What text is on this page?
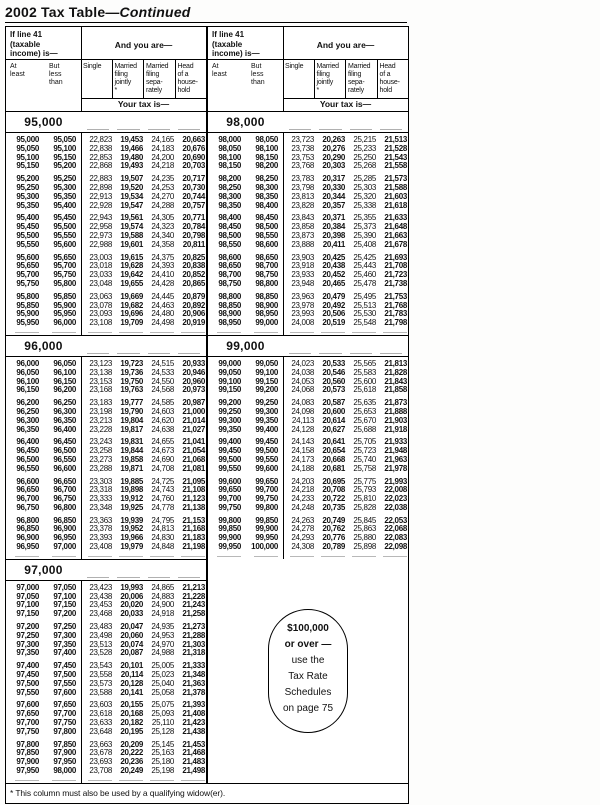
2002 Tax Table—Continued
If line 41
(taxable
income) is—
And you are—
At
least
But
less
than
Single	Married
filing
jointly
*
Married
filing
sepa-
rately
Head
of a
house-
hold
Your tax is—
95,000
95,000	95,050	22,823	19,453	24,165	20,663
95,050	95,100	22,838	19,466	24,183	20,676
95,100	95,150	22,853	19,480	24,200	20,690
95,150	95,200	22,868	19,493	24,218	20,703
95,200	95,250	22,883	19,507	24,235	20,717
95,250	95,300	22,898	19,520	24,253	20,730
95,300	95,350	22,913	19,534	24,270	20,744
95,350	95,400	22,928	19,547	24,288	20,757
95,400	95,450	22,943	19,561	24,305	20,771
95,450	95,500	22,958	19,574	24,323	20,784
95,500	95,550	22,973	19,588	24,340	20,798
95,550	95,600	22,988	19,601	24,358	20,811
95,600	95,650	23,003	19,615	24,375	20,825
95,650	95,700	23,018	19,628	24,393	20,838
95,700	95,750	23,033	19,642	24,410	20,852
95,750	95,800	23,048	19,655	24,428	20,865
95,800	95,850	23,063	19,669	24,445	20,879
95,850	95,900	23,078	19,682	24,463	20,892
95,900	95,950	23,093	19,696	24,480	20,906
95,950	96,000	23,108	19,709	24,498	20,919
96,000
96,000	96,050	23,123	19,723	24,515	20,933
96,050	96,100	23,138	19,736	24,533	20,946
96,100	96,150	23,153	19,750	24,550	20,960
96,150	96,200	23,168	19,763	24,568	20,973
96,200	96,250	23,183	19,777	24,585	20,987
96,250	96,300	23,198	19,790	24,603	21,000
96,300	96,350	23,213	19,804	24,620	21,014
96,350	96,400	23,228	19,817	24,638	21,027
96,400	96,450	23,243	19,831	24,655	21,041
96,450	96,500	23,258	19,844	24,673	21,054
96,500	96,550	23,273	19,858	24,690	21,068
96,550	96,600	23,288	19,871	24,708	21,081
96,600	96,650	23,303	19,885	24,725	21,095
96,650	96,700	23,318	19,898	24,743	21,108
96,700	96,750	23,333	19,912	24,760	21,123
96,750	96,800	23,348	19,925	24,778	21,138
96,800	96,850	23,363	19,939	24,795	21,153
96,850	96,900	23,378	19,952	24,813	21,168
96,900	96,950	23,393	19,966	24,830	21,183
96,950	97,000	23,408	19,979	24,848	21,198
97,000
97,000	97,050	23,423	19,993	24,865	21,213
97,050	97,100	23,438	20,006	24,883	21,228
97,100	97,150	23,453	20,020	24,900	21,243
97,150	97,200	23,468	20,033	24,918	21,258
97,200	97,250	23,483	20,047	24,935	21,273
97,250	97,300	23,498	20,060	24,953	21,288
97,300	97,350	23,513	20,074	24,970	21,303
97,350	97,400	23,528	20,087	24,988	21,318
97,400	97,450	23,543	20,101	25,005	21,333
97,450	97,500	23,558	20,114	25,023	21,348
97,500	97,550	23,573	20,128	25,040	21,363
97,550	97,600	23,588	20,141	25,058	21,378
97,600	97,650	23,603	20,155	25,075	21,393
97,650	97,700	23,618	20,168	25,093	21,408
97,700	97,750	23,633	20,182	25,110	21,423
97,750	97,800	23,648	20,195	25,128	21,438
97,800	97,850	23,663	20,209	25,145	21,453
97,850	97,900	23,678	20,222	25,163	21,468
97,900	97,950	23,693	20,236	25,180	21,483
97,950	98,000	23,708	20,249	25,198	21,498
If line 41
(taxable
income) is—
And you are—
At
least
But
less
than
Single	Married
filing
jointly
*
Married
filing
sepa-
rately
Head
of a
house-
hold
Your tax is—
98,000
98,000	98,050	23,723	20,263	25,215	21,513
98,050	98,100	23,738	20,276	25,233	21,528
98,100	98,150	23,753	20,290	25,250	21,543
98,150	98,200	23,768	20,303	25,268	21,558
98,200	98,250	23,783	20,317	25,285	21,573
98,250	98,300	23,798	20,330	25,303	21,588
98,300	98,350	23,813	20,344	25,320	21,603
98,350	98,400	23,828	20,357	25,338	21,618
98,400	98,450	23,843	20,371	25,355	21,633
98,450	98,500	23,858	20,384	25,373	21,648
98,500	98,550	23,873	20,398	25,390	21,663
98,550	98,600	23,888	20,411	25,408	21,678
98,600	98,650	23,903	20,425	25,425	21,693
98,650	98,700	23,918	20,438	25,443	21,708
98,700	98,750	23,933	20,452	25,460	21,723
98,750	98,800	23,948	20,465	25,478	21,738
98,800	98,850	23,963	20,479	25,495	21,753
98,850	98,900	23,978	20,492	25,513	21,768
98,900	98,950	23,993	20,506	25,530	21,783
98,950	99,000	24,008	20,519	25,548	21,798
99,000
99,000	99,050	24,023	20,533	25,565	21,813
99,050	99,100	24,038	20,546	25,583	21,828
99,100	99,150	24,053	20,560	25,600	21,843
99,150	99,200	24,068	20,573	25,618	21,858
99,200	99,250	24,083	20,587	25,635	21,873
99,250	99,300	24,098	20,600	25,653	21,888
99,300	99,350	24,113	20,614	25,670	21,903
99,350	99,400	24,128	20,627	25,688	21,918
99,400	99,450	24,143	20,641	25,705	21,933
99,450	99,500	24,158	20,654	25,723	21,948
99,500	99,550	24,173	20,668	25,740	21,963
99,550	99,600	24,188	20,681	25,758	21,978
99,600	99,650	24,203	20,695	25,775	21,993
99,650	99,700	24,218	20,708	25,793	22,008
99,700	99,750	24,233	20,722	25,810	22,023
99,750	99,800	24,248	20,735	25,828	22,038
99,800	99,850	24,263	20,749	25,845	22,053
99,850	99,900	24,278	20,762	25,863	22,068
99,900	99,950	24,293	20,776	25,880	22,083
99,950	100,000	24,308	20,789	25,898	22,098
$100,000
or over —
use the
Tax Rate
Schedules
on page 75
* This column must also be used by a qualifying widow(er).
